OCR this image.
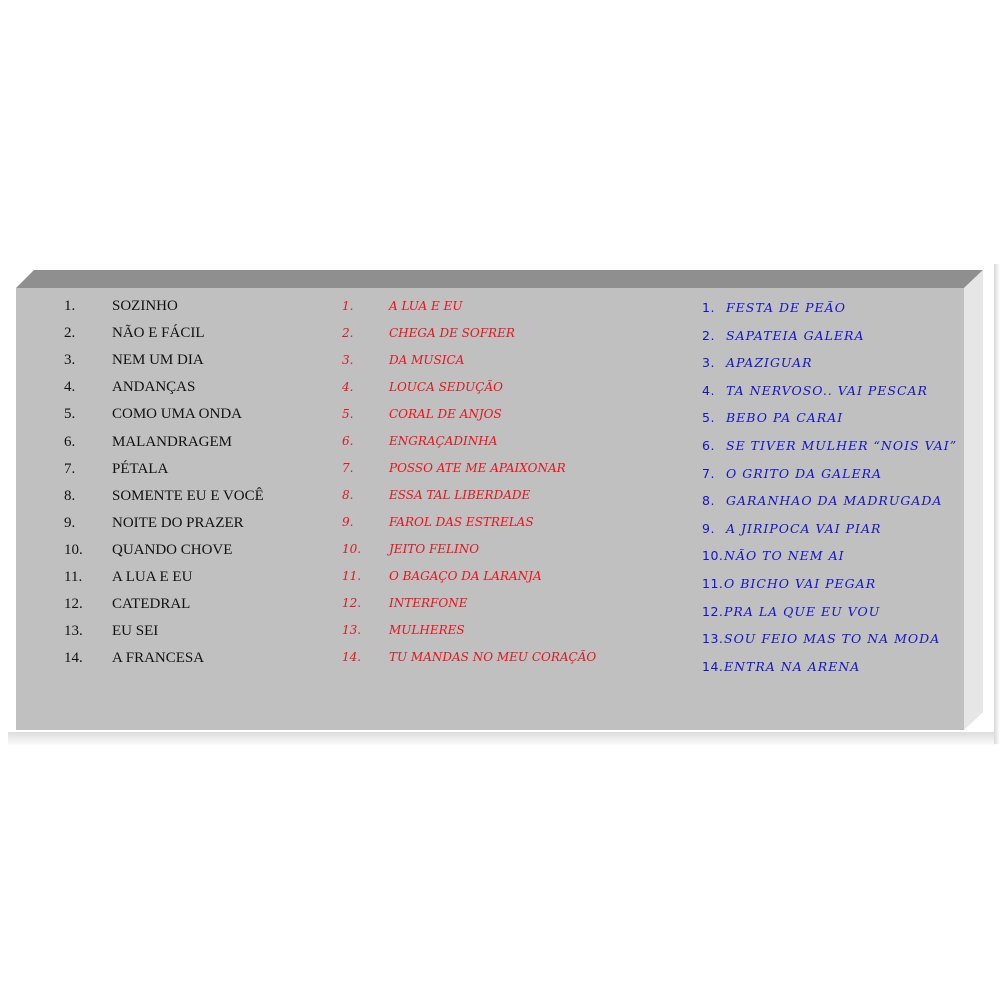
1. SOZINHO
2. NÃO E FÁCIL
3. NEM UM DIA
4. ANDANÇAS
5. COMO UMA ONDA
6. MALANDRAGEM
7. PÉTALA
8. SOMENTE EU E VOCÊ
9. NOITE DO PRAZER
10. QUANDO CHOVE
11. A LUA E EU
12. CATEDRAL
13. EU SEI
14. A FRANCESA
1.	A LUA E EU
2.	CHEGA DE SOFRER
3.	DA MUSICA
4.	LOUCA SEDUÇÃO
5.	CORAL DE ANJOS
6.	ENGRAÇADINHA
7.	POSSO ATE ME APAIXONAR
8.	ESSA TAL LIBERDADE
9.	FAROL DAS ESTRELAS
10. JEITO FELINO
11. O BAGAÇO DA LARANJA
12. INTERFONE
13. MULHERES
14. TU MANDAS NO MEU CORAÇÃO
1. FESTA DE PEÃO
2. SAPATEIA GALERA
3. APAZIGUAR
4. TA NERVOSO.. VAI PESCAR
5. BEBO PA CARAI
6. SE TIVER MULHER “NOIS VAI”
7. O GRITO DA GALERA
8. GARANHAO DA MADRUGADA
9. A JIRIPOCA VAI PIAR
10. NÃO TO NEM AI
11. O BICHO VAI PEGAR
12. PRA LA QUE EU VOU
13. SOU FEIO MAS TO NA MODA
14. ENTRA NA ARENA
